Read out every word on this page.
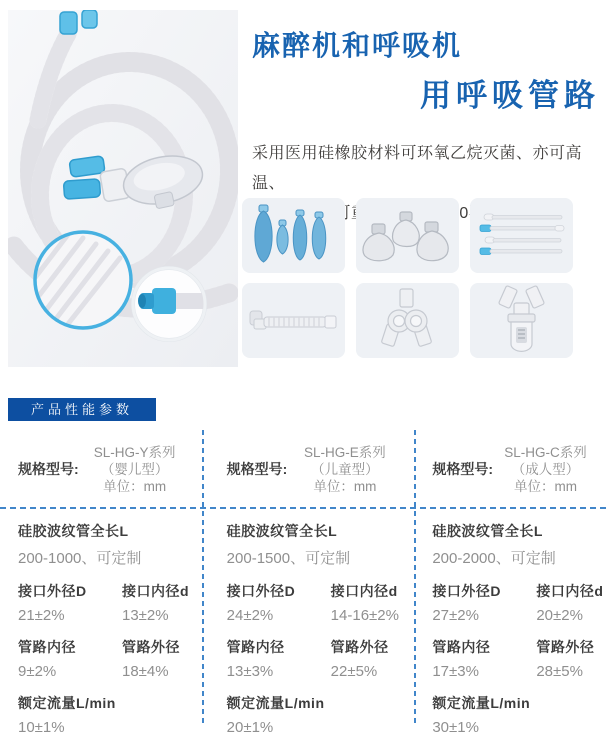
麻醉机和呼吸机
用呼吸管路
采用医用硅橡胶材料可环氧乙烷灭菌、亦可高温、
产品性能参数
规格型号:
SL-HG-Y系列
（婴儿型）
单位：mm
硅胶波纹管全长L
200-1000、可定制
接口外径D	接口内径d
21±2%	13±2%
管路内径	管路外径
9±2%	18±4%
额定流量L/min
10±1%
规格型号:
SL-HG-E系列
（儿童型）
单位：mm
硅胶波纹管全长L
200-1500、可定制
接口外径D	接口内径d
24±2%	14-16±2%
管路内径	管路外径
13±3%	22±5%
额定流量L/min
20±1%
规格型号:
SL-HG-C系列
（成人型）
单位：mm
硅胶波纹管全长L
200-2000、可定制
接口外径D	接口内径d
27±2%	20±2%
管路内径	管路外径
17±3%	28±5%
额定流量L/min
30±1%
